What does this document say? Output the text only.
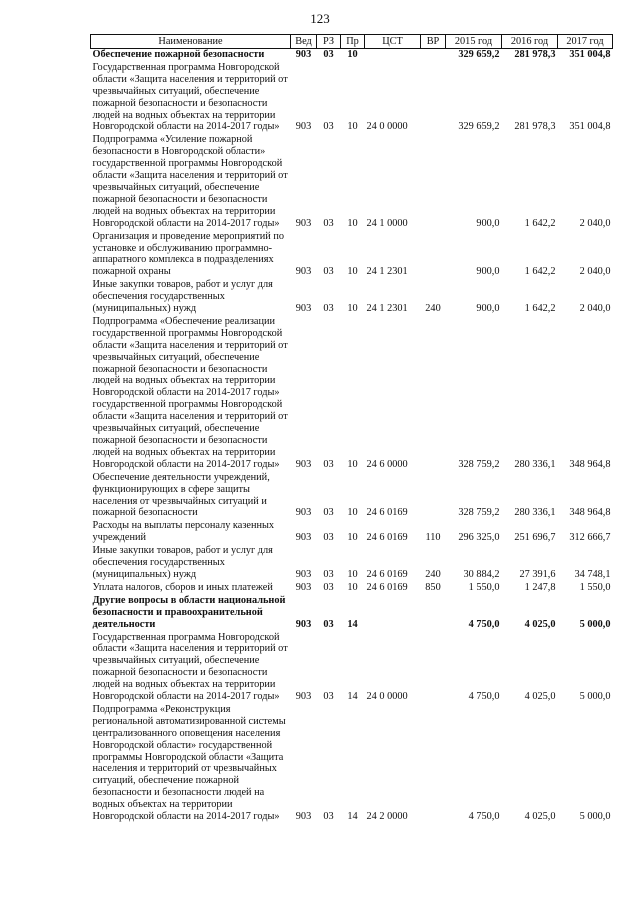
123
Наименование	Вед	РЗ	Пр	ЦСТ	ВР	2015 год	2016 год	2017 год
Обеспечение пожарной безопасности	903	03	10			329 659,2	281 978,3	351 004,8
Государственная программа Новгородской области «Защита населения и территорий от чрезвычайных ситуаций, обеспечение пожарной безопасности и безопасности людей на водных объектах на территории Новгородской области на 2014-2017 годы»	903	03	10	24 0 0000		329 659,2	281 978,3	351 004,8
Подпрограмма «Усиление пожарной безопасности в Новгородской области» государственной программы Новгородской области «Защита населения и территорий от чрезвычайных ситуаций, обеспечение пожарной безопасности и безопасности людей на водных объектах на территории Новгородской области на 2014-2017 годы»	903	03	10	24 1 0000		900,0	1 642,2	2 040,0
Организация и проведение мероприятий по установке и обслуживанию программно-аппаратного комплекса в подразделениях пожарной охраны	903	03	10	24 1 2301		900,0	1 642,2	2 040,0
Иные закупки товаров, работ и услуг для обеспечения государственных (муниципальных) нужд	903	03	10	24 1 2301	240	900,0	1 642,2	2 040,0
Подпрограмма «Обеспечение реализации государственной программы Новгородской области «Защита населения и территорий от чрезвычайных ситуаций, обеспечение пожарной безопасности и безопасности людей на водных объектах на территории Новгородской области на 2014-2017 годы» государственной программы Новгородской области «Защита населения и территорий от чрезвычайных ситуаций, обеспечение пожарной безопасности и безопасности людей на водных объектах на территории Новгородской области на 2014-2017 годы»	903	03	10	24 6 0000		328 759,2	280 336,1	348 964,8
Обеспечение деятельности учреждений, функционирующих в сфере защиты населения от чрезвычайных ситуаций и пожарной безопасности	903	03	10	24 6 0169		328 759,2	280 336,1	348 964,8
Расходы на выплаты персоналу казенных учреждений	903	03	10	24 6 0169	110	296 325,0	251 696,7	312 666,7
Иные закупки товаров, работ и услуг для обеспечения государственных (муниципальных) нужд	903	03	10	24 6 0169	240	30 884,2	27 391,6	34 748,1
Уплата налогов, сборов и иных платежей	903	03	10	24 6 0169	850	1 550,0	1 247,8	1 550,0
Другие вопросы в области национальной безопасности и правоохранительной деятельности	903	03	14			4 750,0	4 025,0	5 000,0
Государственная программа Новгородской области «Защита населения и территорий от чрезвычайных ситуаций, обеспечение пожарной безопасности и безопасности людей на водных объектах на территории Новгородской области на 2014-2017 годы»	903	03	14	24 0 0000		4 750,0	4 025,0	5 000,0
Подпрограмма «Реконструкция региональной автоматизированной системы централизованного оповещения населения Новгородской области» государственной программы Новгородской области «Защита населения и территорий от чрезвычайных ситуаций, обеспечение пожарной безопасности и безопасности людей на водных объектах на территории Новгородской области на 2014-2017 годы»	903	03	14	24 2 0000		4 750,0	4 025,0	5 000,0
